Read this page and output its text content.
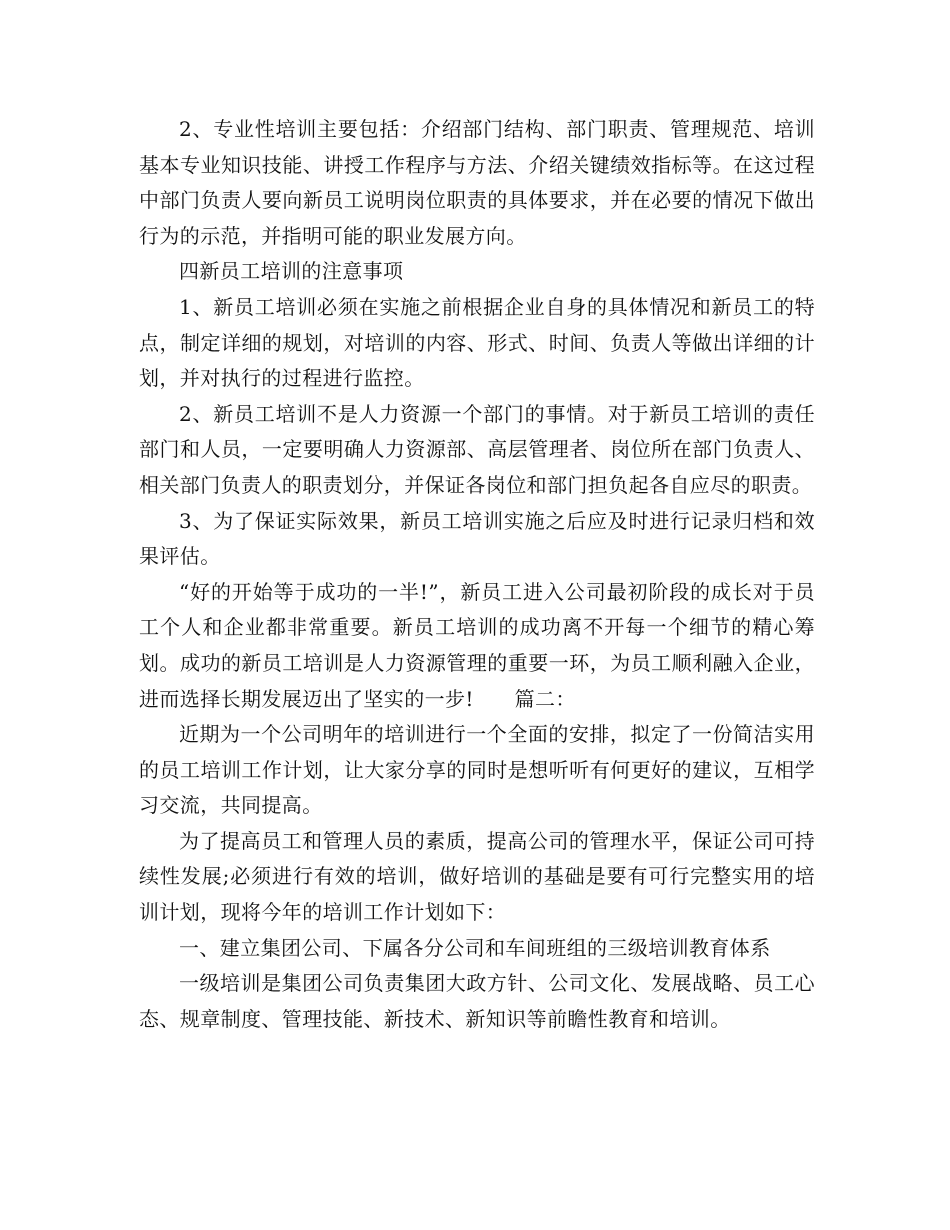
2、专业性培训主要包括：介绍部门结构、部门职责、管理规范、培训基本专业知识技能、讲授工作程序与方法、介绍关键绩效指标等。在这过程中部门负责人要向新员工说明岗位职责的具体要求，并在必要的情况下做出行为的示范，并指明可能的职业发展方向。

四新员工培训的注意事项

1、新员工培训必须在实施之前根据企业自身的具体情况和新员工的特点，制定详细的规划，对培训的内容、形式、时间、负责人等做出详细的计划，并对执行的过程进行监控。

2、新员工培训不是人力资源一个部门的事情。对于新员工培训的责任部门和人员，一定要明确人力资源部、高层管理者、岗位所在部门负责人、相关部门负责人的职责划分，并保证各岗位和部门担负起各自应尽的职责。

3、为了保证实际效果，新员工培训实施之后应及时进行记录归档和效果评估。

“好的开始等于成功的一半!”，新员工进入公司最初阶段的成长对于员工个人和企业都非常重要。新员工培训的成功离不开每一个细节的精心筹划。成功的新员工培训是人力资源管理的重要一环，为员工顺利融入企业，进而选择长期发展迈出了坚实的一步!　　篇二：

近期为一个公司明年的培训进行一个全面的安排，拟定了一份简洁实用的员工培训工作计划，让大家分享的同时是想听听有何更好的建议，互相学习交流，共同提高。

为了提高员工和管理人员的素质，提高公司的管理水平，保证公司可持续性发展;必须进行有效的培训，做好培训的基础是要有可行完整实用的培训计划，现将今年的培训工作计划如下：

一、建立集团公司、下属各分公司和车间班组的三级培训教育体系

一级培训是集团公司负责集团大政方针、公司文化、发展战略、员工心态、规章制度、管理技能、新技术、新知识等前瞻性教育和培训。
